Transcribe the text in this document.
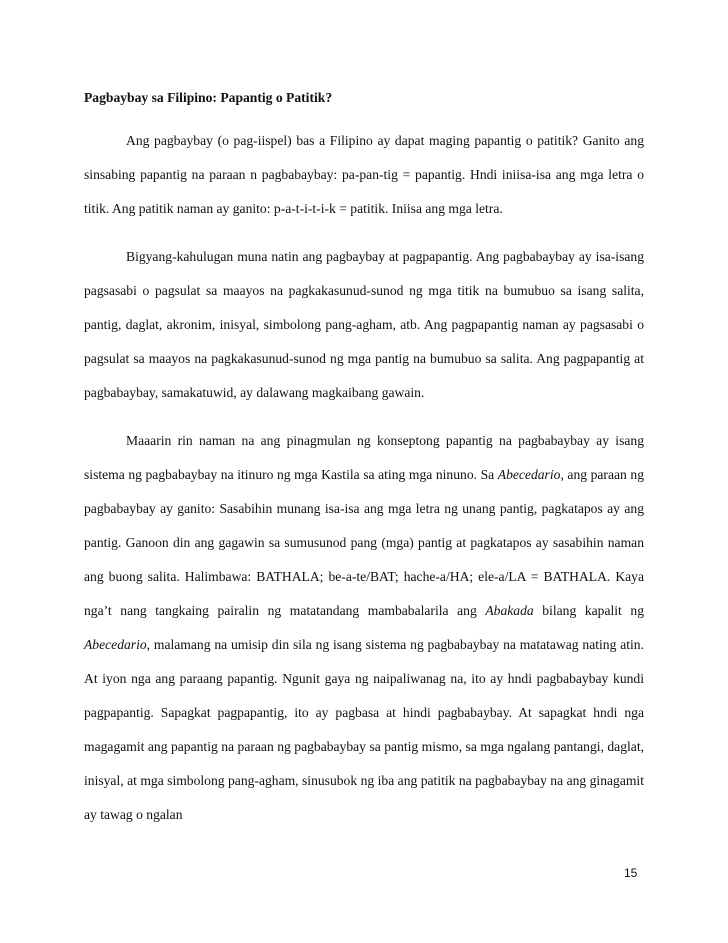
Pagbaybay sa Filipino: Papantig o Patitik?

Ang pagbaybay (o pag-iispel) bas a Filipino ay dapat maging papantig o patitik? Ganito ang sinsabing papantig na paraan n pagbabaybay: pa-pan-tig = papantig. Hndi iniisa-isa ang mga letra o titik. Ang patitik naman ay ganito: p-a-t-i-t-i-k = patitik. Iniisa ang mga letra.

Bigyang-kahulugan muna natin ang pagbaybay at pagpapantig. Ang pagbabaybay ay isa-isang pagsasabi o pagsulat sa maayos na pagkakasunud-sunod ng mga titik na bumubuo sa isang salita, pantig, daglat, akronim, inisyal, simbolong pang-agham, atb. Ang pagpapantig naman ay pagsasabi o pagsulat sa maayos na pagkakasunud-sunod ng mga pantig na bumubuo sa salita. Ang pagpapantig at pagbabaybay, samakatuwid, ay dalawang magkaibang gawain.

Maaarin rin naman na ang pinagmulan ng konseptong papantig na pagbabaybay ay isang sistema ng pagbabaybay na itinuro ng mga Kastila sa ating mga ninuno. Sa Abecedario, ang paraan ng pagbabaybay ay ganito: Sasabihin munang isa-isa ang mga letra ng unang pantig, pagkatapos ay ang pantig. Ganoon din ang gagawin sa sumusunod pang (mga) pantig at pagkatapos ay sasabihin naman ang buong salita. Halimbawa: BATHALA; be-a-te/BAT; hache-a/HA; ele-a/LA = BATHALA. Kaya nga’t nang tangkaing pairalin ng matatandang mambabalarila ang Abakada bilang kapalit ng Abecedario, malamang na umisip din sila ng isang sistema ng pagbabaybay na matatawag nating atin. At iyon nga ang paraang papantig. Ngunit gaya ng naipaliwanag na, ito ay hndi pagbabaybay kundi pagpapantig. Sapagkat pagpapantig, ito ay pagbasa at hindi pagbabaybay. At sapagkat hndi nga magagamit ang papantig na paraan ng pagbabaybay sa pantig mismo, sa mga ngalang pantangi, daglat, inisyal, at mga simbolong pang-agham, sinusubok ng iba ang patitik na pagbabaybay na ang ginagamit ay tawag o ngalan

15
